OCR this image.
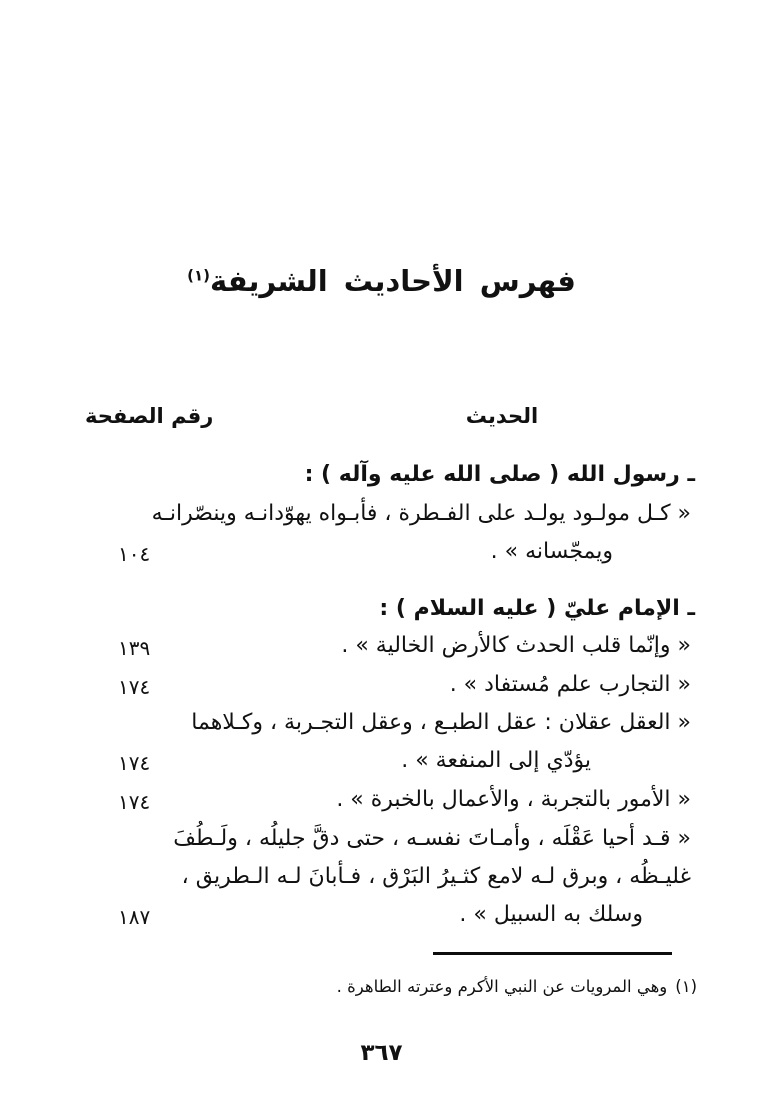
فهرس الأحاديث الشريفة$^{(١)}$
رقم الصفحة	الحديث
ـ رسول الله ( صلى الله عليه وآله ) :
« كـل مولـود يولـد على الفـطرة ، فأبـواه يهوّدانـه وينصّرانـه
ويمجّسانه » .
١٠٤
ـ الإمام عليّ ( عليه السلام ) :
« وإنّما قلب الحدث كالأرض الخالية » .
١٣٩
« التجارب علم مُستفاد » .
١٧٤
« العقل عقلان : عقل الطبـع ، وعقل التجـربة ، وكـلاهما
يؤدّي إلى المنفعة » .
١٧٤
« الأمور بالتجربة ، والأعمال بالخبرة » .
١٧٤
« قـد أحيا عَقْلَه ، وأمـاتَ نفسـه ، حتى دقَّ جليلُه ، ولَـطُفَ
غليـظُه ، وبرق لـه لامع كثـيرُ البَرْق ، فـأبانَ لـه الـطريق ،
وسلك به السبيل » .
١٨٧
(١)وهي المرويات عن النبي الأكرم وعترته الطاهرة .
٣٦٧
